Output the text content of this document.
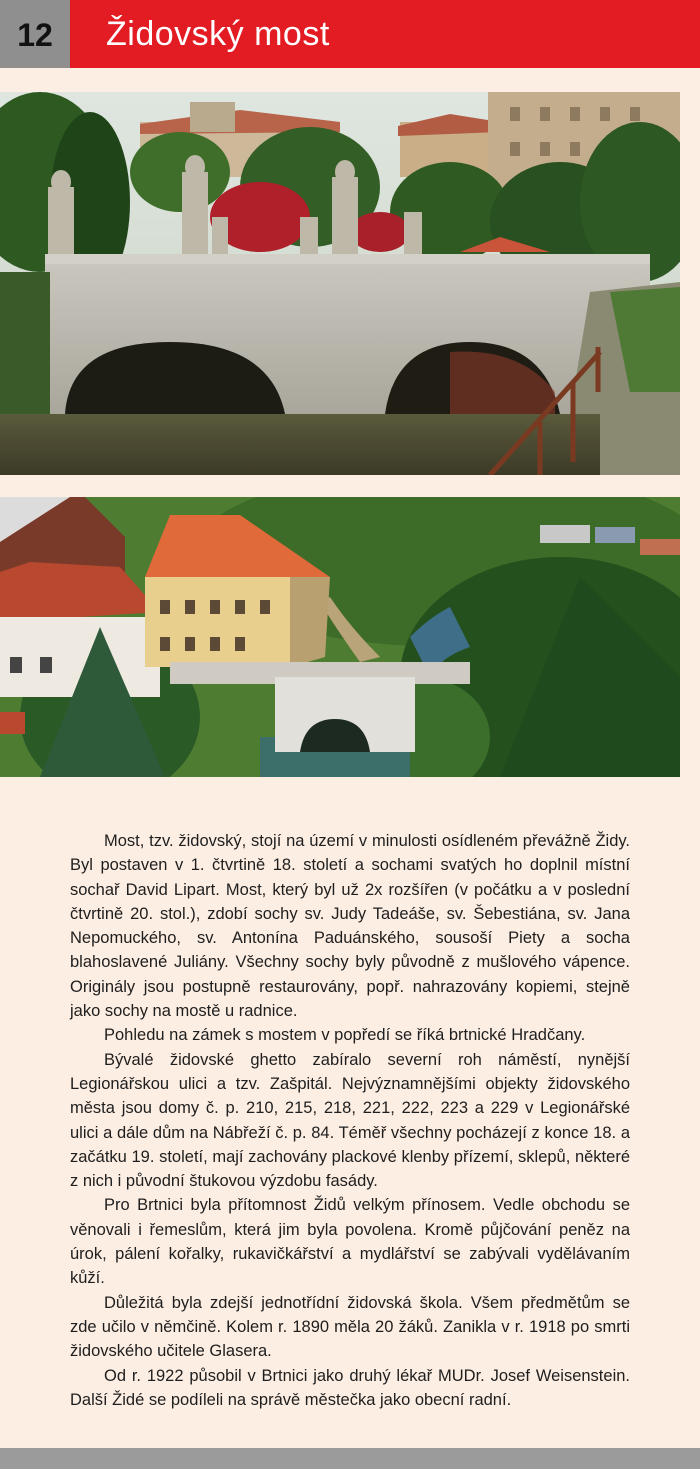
12	Židovský most

Most, tzv. židovský, stojí na území v minulosti osídleném převážně Židy. Byl postaven v 1. čtvrtině 18. století a sochami svatých ho doplnil místní sochař David Lipart. Most, který byl už 2x rozšířen (v počátku a v poslední čtvrtině 20. stol.), zdobí sochy sv. Judy Tadeáše, sv. Šebestiána, sv. Jana Nepomuckého, sv. Antonína Paduánského, sousoší Piety a socha blahoslavené Juliány. Všechny sochy byly původně z mušlového vápence. Originály jsou postupně restaurovány, popř. nahrazovány kopiemi, stejně jako sochy na mostě u radnice.

Pohledu na zámek s mostem v popředí se říká brtnické Hradčany.

Bývalé židovské ghetto zabíralo severní roh náměstí, nynější Legionářskou ulici a tzv. Zašpitál. Nejvýznamnějšími objekty židovského města jsou domy č. p. 210, 215, 218, 221, 222, 223 a 229 v Legionářské ulici a dále dům na Nábřeží č. p. 84. Téměř všechny pocházejí z konce 18. a začátku 19. století, mají zachovány plackové klenby přízemí, sklepů, některé z nich i původní štukovou výzdobu fasády.

Pro Brtnici byla přítomnost Židů velkým přínosem. Vedle obchodu se věnovali i řemeslům, která jim byla povolena. Kromě půjčování peněz na úrok, pálení kořalky, rukavičkářství a mydlářství se zabývali vydělávaním kůží.

Důležitá byla zdejší jednotřídní židovská škola. Všem předmětům se zde učilo v němčině. Kolem r. 1890 měla 20 žáků. Zanikla v r. 1918 po smrti židovského učitele Glasera.

Od r. 1922 působil v Brtnici jako druhý lékař MUDr. Josef Weisenstein. Další Židé se podíleli na správě městečka jako obecní radní.
